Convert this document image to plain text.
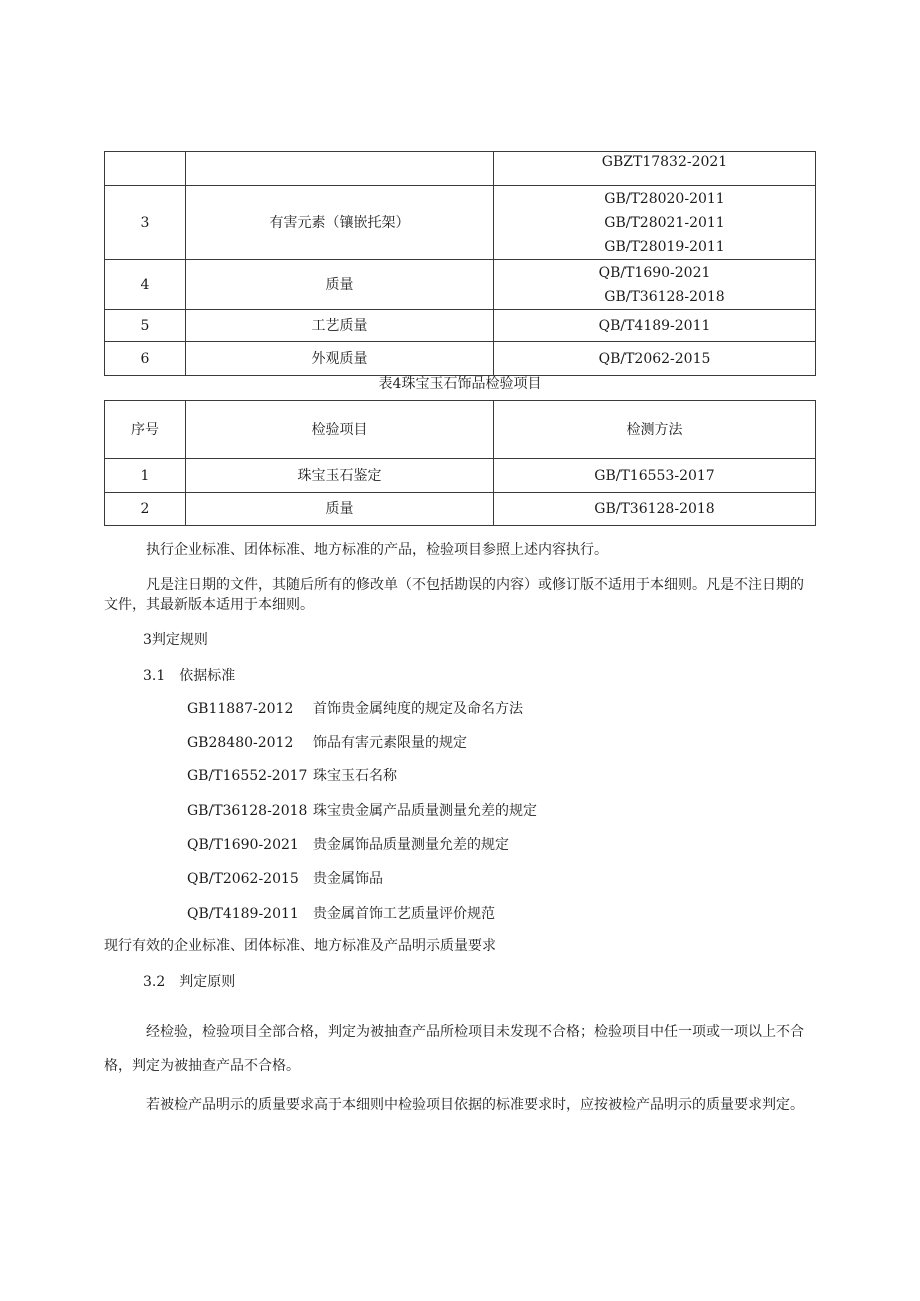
		GBZT17832-2021

3	有害元素（镶嵌托架）	GB/T28020-2011
GB/T28021-2011
GB/T28019-2011

4	质量	QB/T1690-2021
GB/T36128-2018

5	工艺质量	QB/T4189-2011

6	外观质量	QB/T2062-2015
表4珠宝玉石饰品检验项目
序号	检验项目	检测方法
1	珠宝玉石鉴定	GB/T16553-2017
2	质量	GB/T36128-2018

执行企业标准、团体标准、地方标准的产品，检验项目参照上述内容执行。

凡是注日期的文件，其随后所有的修改单（不包括勘误的内容）或修订版不适用于本细则。凡是不注日期的文件，其最新版本适用于本细则。

3判定规则
3.1　依据标准
GB11887-2012 首饰贵金属纯度的规定及命名方法
GB28480-2012 饰品有害元素限量的规定
GB/T16552-2017 珠宝玉石名称
GB/T36128-2018 珠宝贵金属产品质量测量允差的规定
QB/T1690-2021 贵金属饰品质量测量允差的规定
QB/T2062-2015 贵金属饰品
QB/T4189-2011 贵金属首饰工艺质量评价规范

现行有效的企业标准、团体标准、地方标准及产品明示质量要求

3.2　判定原则

经检验，检验项目全部合格，判定为被抽查产品所检项目未发现不合格；检验项目中任一项或一项以上不合格，判定为被抽查产品不合格。

若被检产品明示的质量要求高于本细则中检验项目依据的标准要求时，应按被检产品明示的质量要求判定。
